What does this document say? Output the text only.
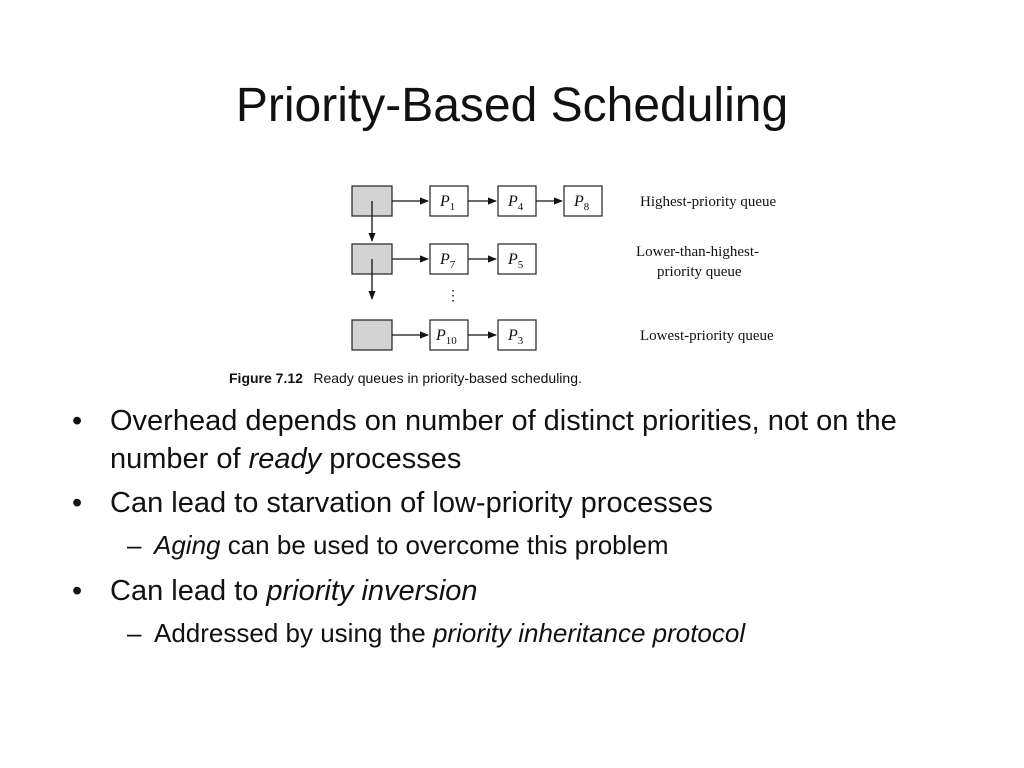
Priority-Based Scheduling
$P_1$	$P_4$	$P_8$	Highest-priority queue
$P_7$	$P_5$
Lower-than-highest-
priority queue
⋮
$P_{10}$	$P_3$	Lowest-priority queue
Figure 7.12 Ready queues in priority-based scheduling.
• Overhead depends on number of distinct priorities, not on the number of ready processes
• Can lead to starvation of low-priority processes
– Aging can be used to overcome this problem
• Can lead to priority inversion
– Addressed by using the priority inheritance protocol
